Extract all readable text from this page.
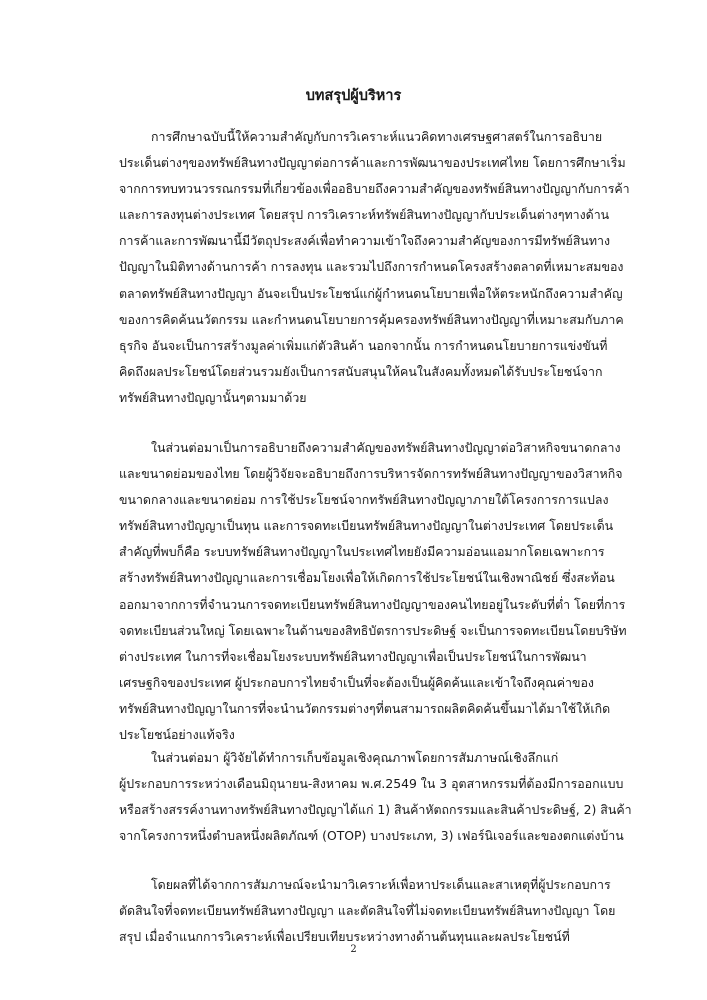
บทสรุปผู้บริหาร
การศึกษาฉบับนี้ให้ความสำคัญกับการวิเคราะห์แนวคิดทางเศรษฐศาสตร์ในการอธิบาย
ประเด็นต่างๆของทรัพย์สินทางปัญญาต่อการค้าและการพัฒนาของประเทศไทย โดยการศึกษาเริ่ม
จากการทบทวนวรรณกรรมที่เกี่ยวข้องเพื่ออธิบายถึงความสำคัญของทรัพย์สินทางปัญญากับการค้า
และการลงทุนต่างประเทศ โดยสรุป การวิเคราะห์ทรัพย์สินทางปัญญากับประเด็นต่างๆทางด้าน
การค้าและการพัฒนานี้มีวัตถุประสงค์เพื่อทำความเข้าใจถึงความสำคัญของการมีทรัพย์สินทาง
ปัญญาในมิติทางด้านการค้า การลงทุน และรวมไปถึงการกำหนดโครงสร้างตลาดที่เหมาะสมของ
ตลาดทรัพย์สินทางปัญญา อันจะเป็นประโยชน์แก่ผู้กำหนดนโยบายเพื่อให้ตระหนักถึงความสำคัญ
ของการคิดค้นนวัตกรรม และกำหนดนโยบายการคุ้มครองทรัพย์สินทางปัญญาที่เหมาะสมกับภาค
ธุรกิจ อันจะเป็นการสร้างมูลค่าเพิ่มแก่ตัวสินค้า นอกจากนั้น การกำหนดนโยบายการแข่งขันที่
คิดถึงผลประโยชน์โดยส่วนรวมยังเป็นการสนับสนุนให้คนในสังคมทั้งหมดได้รับประโยชน์จาก
ทรัพย์สินทางปัญญานั้นๆตามมาด้วย
ในส่วนต่อมาเป็นการอธิบายถึงความสำคัญของทรัพย์สินทางปัญญาต่อวิสาหกิจขนาดกลาง
และขนาดย่อมของไทย โดยผู้วิจัยจะอธิบายถึงการบริหารจัดการทรัพย์สินทางปัญญาของวิสาหกิจ
ขนาดกลางและขนาดย่อม การใช้ประโยชน์จากทรัพย์สินทางปัญญาภายใต้โครงการการแปลง
ทรัพย์สินทางปัญญาเป็นทุน และการจดทะเบียนทรัพย์สินทางปัญญาในต่างประเทศ โดยประเด็น
สำคัญที่พบก็คือ ระบบทรัพย์สินทางปัญญาในประเทศไทยยังมีความอ่อนแอมากโดยเฉพาะการ
สร้างทรัพย์สินทางปัญญาและการเชื่อมโยงเพื่อให้เกิดการใช้ประโยชน์ในเชิงพาณิชย์ ซึ่งสะท้อน
ออกมาจากการที่จำนวนการจดทะเบียนทรัพย์สินทางปัญญาของคนไทยอยู่ในระดับที่ต่ำ โดยที่การ
จดทะเบียนส่วนใหญ่ โดยเฉพาะในด้านของสิทธิบัตรการประดิษฐ์ จะเป็นการจดทะเบียนโดยบริษัท
ต่างประเทศ ในการที่จะเชื่อมโยงระบบทรัพย์สินทางปัญญาเพื่อเป็นประโยชน์ในการพัฒนา
เศรษฐกิจของประเทศ ผู้ประกอบการไทยจำเป็นที่จะต้องเป็นผู้คิดค้นและเข้าใจถึงคุณค่าของ
ทรัพย์สินทางปัญญาในการที่จะนำนวัตกรรมต่างๆที่ตนสามารถผลิตคิดค้นขึ้นมาได้มาใช้ให้เกิด
ประโยชน์อย่างแท้จริง
ในส่วนต่อมา ผู้วิจัยได้ทำการเก็บข้อมูลเชิงคุณภาพโดยการสัมภาษณ์เชิงลึกแก่
ผู้ประกอบการระหว่างเดือนมิถุนายน-สิงหาคม พ.ศ.2549 ใน 3 อุตสาหกรรมที่ต้องมีการออกแบบ
หรือสร้างสรรค์งานทางทรัพย์สินทางปัญญาได้แก่ 1) สินค้าหัตถกรรมและสินค้าประดิษฐ์, 2) สินค้า
จากโครงการหนึ่งตำบลหนึ่งผลิตภัณฑ์ (OTOP) บางประเภท, 3) เฟอร์นิเจอร์และของตกแต่งบ้าน
โดยผลที่ได้จากการสัมภาษณ์จะนำมาวิเคราะห์เพื่อหาประเด็นและสาเหตุที่ผู้ประกอบการ
ตัดสินใจที่จดทะเบียนทรัพย์สินทางปัญญา และตัดสินใจที่ไม่จดทะเบียนทรัพย์สินทางปัญญา โดย
สรุป เมื่อจำแนกการวิเคราะห์เพื่อเปรียบเทียบระหว่างทางด้านต้นทุนและผลประโยชน์ที่
2
